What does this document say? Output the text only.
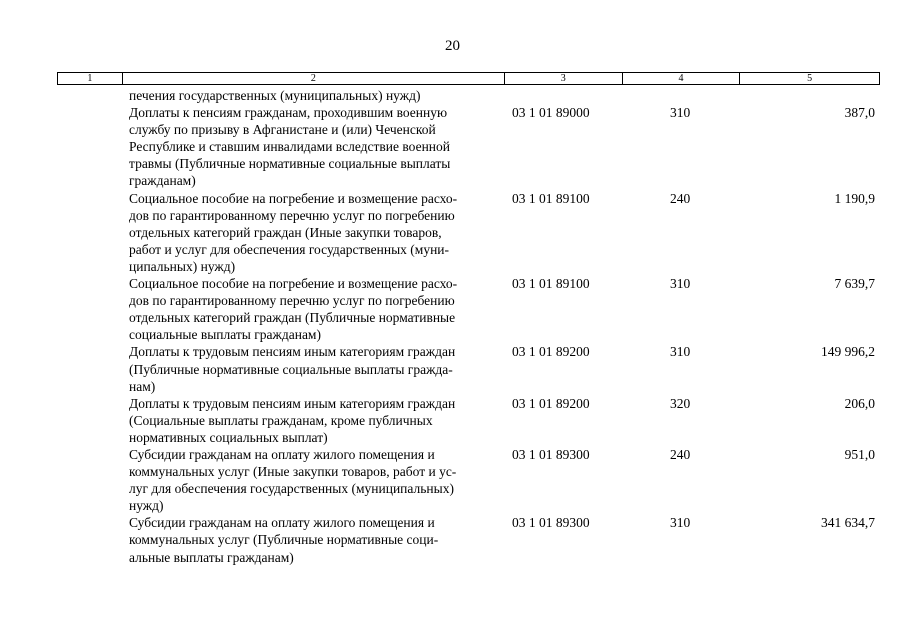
20
1	2	3	4	5
печения государственных (муниципальных) нужд)
Доплаты к пенсиям гражданам, проходившим военную
службу по призыву в Афганистане и (или) Чеченской
Республике и ставшим инвалидами вследствие военной
травмы (Публичные нормативные социальные выплаты
гражданам)
03 1 01 89000	310	387,0
Социальное пособие на погребение и возмещение расхо-
дов по гарантированному перечню услуг по погребению
отдельных категорий граждан (Иные закупки товаров,
работ и услуг для обеспечения государственных (муни-
ципальных) нужд)
03 1 01 89100	240	1 190,9
Социальное пособие на погребение и возмещение расхо-
дов по гарантированному перечню услуг по погребению
отдельных категорий граждан (Публичные нормативные
социальные выплаты гражданам)
03 1 01 89100	310	7 639,7
Доплаты к трудовым пенсиям иным категориям граждан
(Публичные нормативные социальные выплаты гражда-
нам)
03 1 01 89200	310	149 996,2
Доплаты к трудовым пенсиям иным категориям граждан
(Социальные выплаты гражданам, кроме публичных
нормативных социальных выплат)
03 1 01 89200	320	206,0
Субсидии гражданам на оплату жилого помещения и
коммунальных услуг (Иные закупки товаров, работ и ус-
луг для обеспечения государственных (муниципальных)
нужд)
03 1 01 89300	240	951,0
Субсидии гражданам на оплату жилого помещения и
коммунальных услуг (Публичные нормативные соци-
альные выплаты гражданам)
03 1 01 89300	310	341 634,7
